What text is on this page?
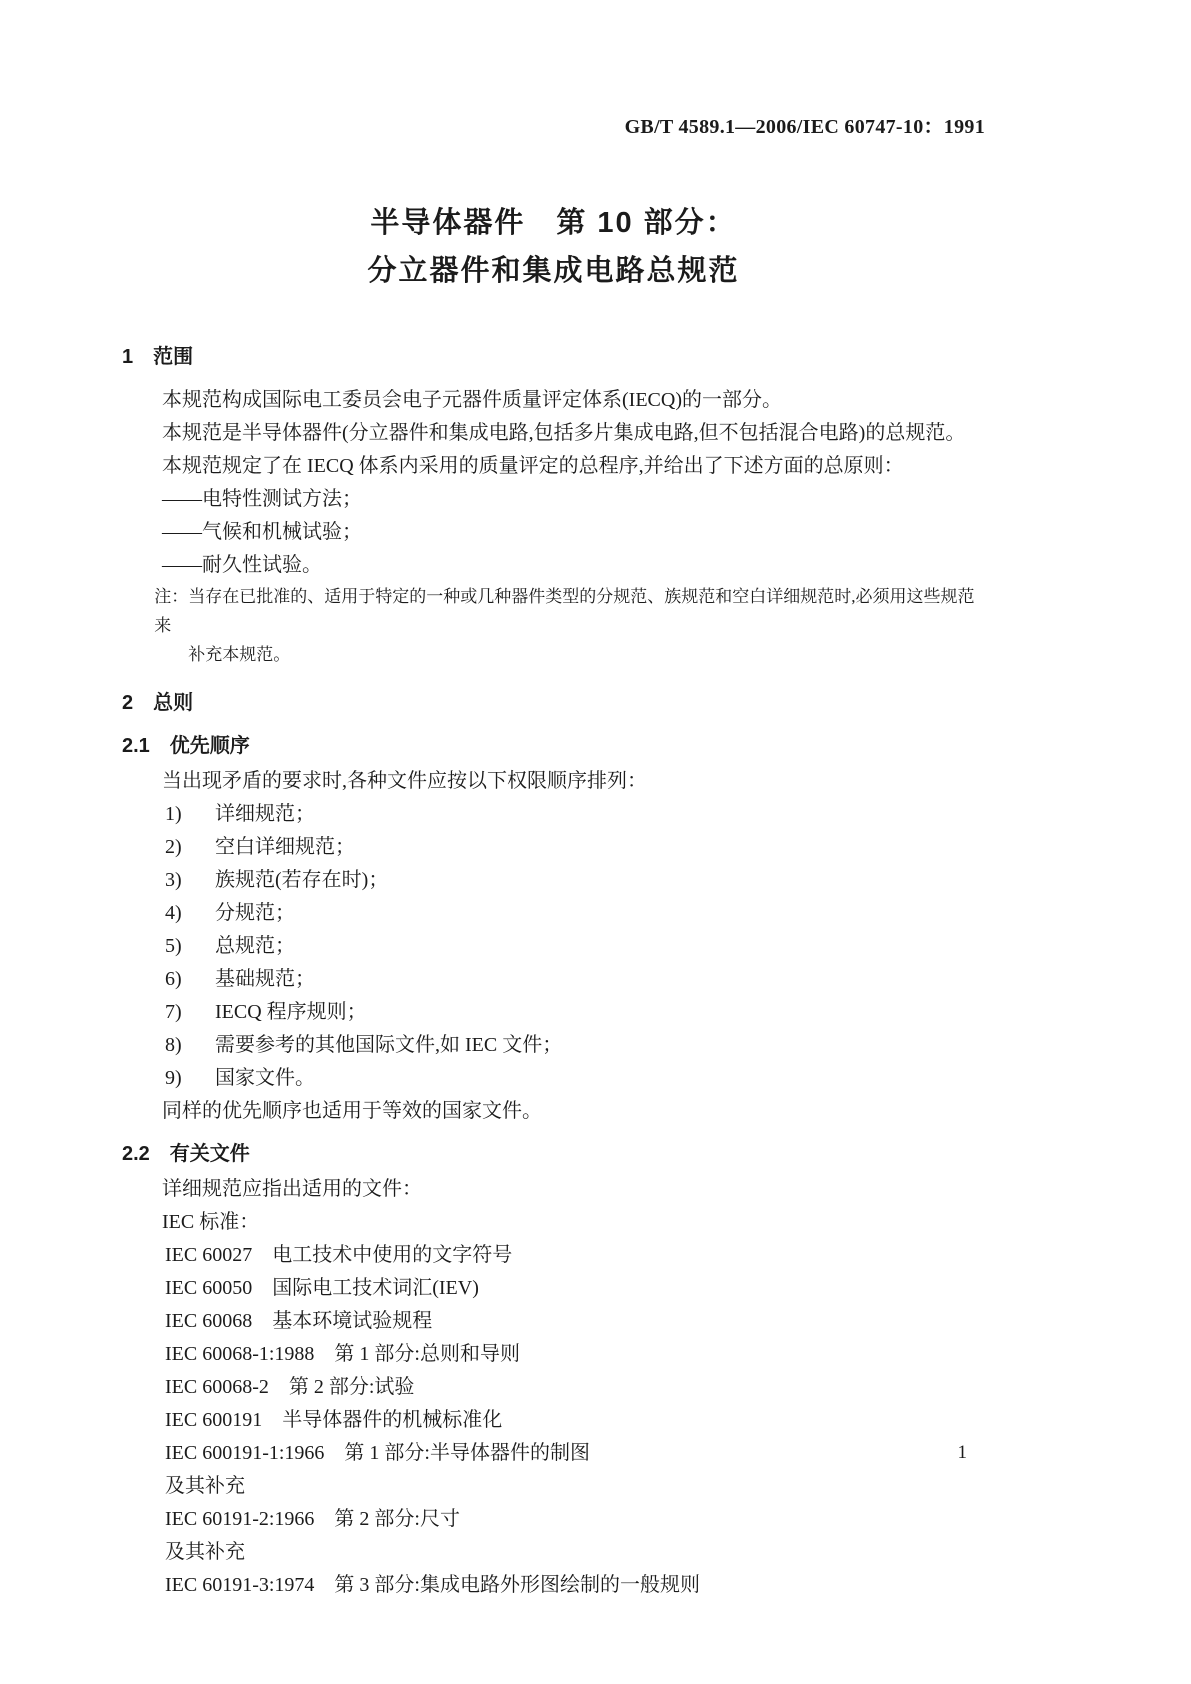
GB/T 4589.1—2006/IEC 60747-10：1991
半导体器件　第 10 部分：
分立器件和集成电路总规范
1　范围
本规范构成国际电工委员会电子元器件质量评定体系(IECQ)的一部分。
本规范是半导体器件(分立器件和集成电路,包括多片集成电路,但不包括混合电路)的总规范。
本规范规定了在 IECQ 体系内采用的质量评定的总程序,并给出了下述方面的总原则：
——电特性测试方法；
——气候和机械试验；
——耐久性试验。
注：当存在已批准的、适用于特定的一种或几种器件类型的分规范、族规范和空白详细规范时,必须用这些规范来
补充本规范。
2　总则
2.1　优先顺序
当出现矛盾的要求时,各种文件应按以下权限顺序排列：
1)	详细规范；
2)	空白详细规范；
3)	族规范(若存在时)；
4)	分规范；
5)	总规范；
6)	基础规范；
7)	IECQ 程序规则；
8)	需要参考的其他国际文件,如 IEC 文件；
9)	国家文件。
同样的优先顺序也适用于等效的国家文件。
2.2　有关文件
详细规范应指出适用的文件：
IEC 标准：
IEC 60027　电工技术中使用的文字符号
IEC 60050　国际电工技术词汇(IEV)
IEC 60068　基本环境试验规程
IEC 60068-1:1988　第 1 部分:总则和导则
IEC 60068-2　第 2 部分:试验
IEC 600191　半导体器件的机械标准化
IEC 600191-1:1966　第 1 部分:半导体器件的制图
及其补充
IEC 60191-2:1966　第 2 部分:尺寸
及其补充
IEC 60191-3:1974　第 3 部分:集成电路外形图绘制的一般规则
1
